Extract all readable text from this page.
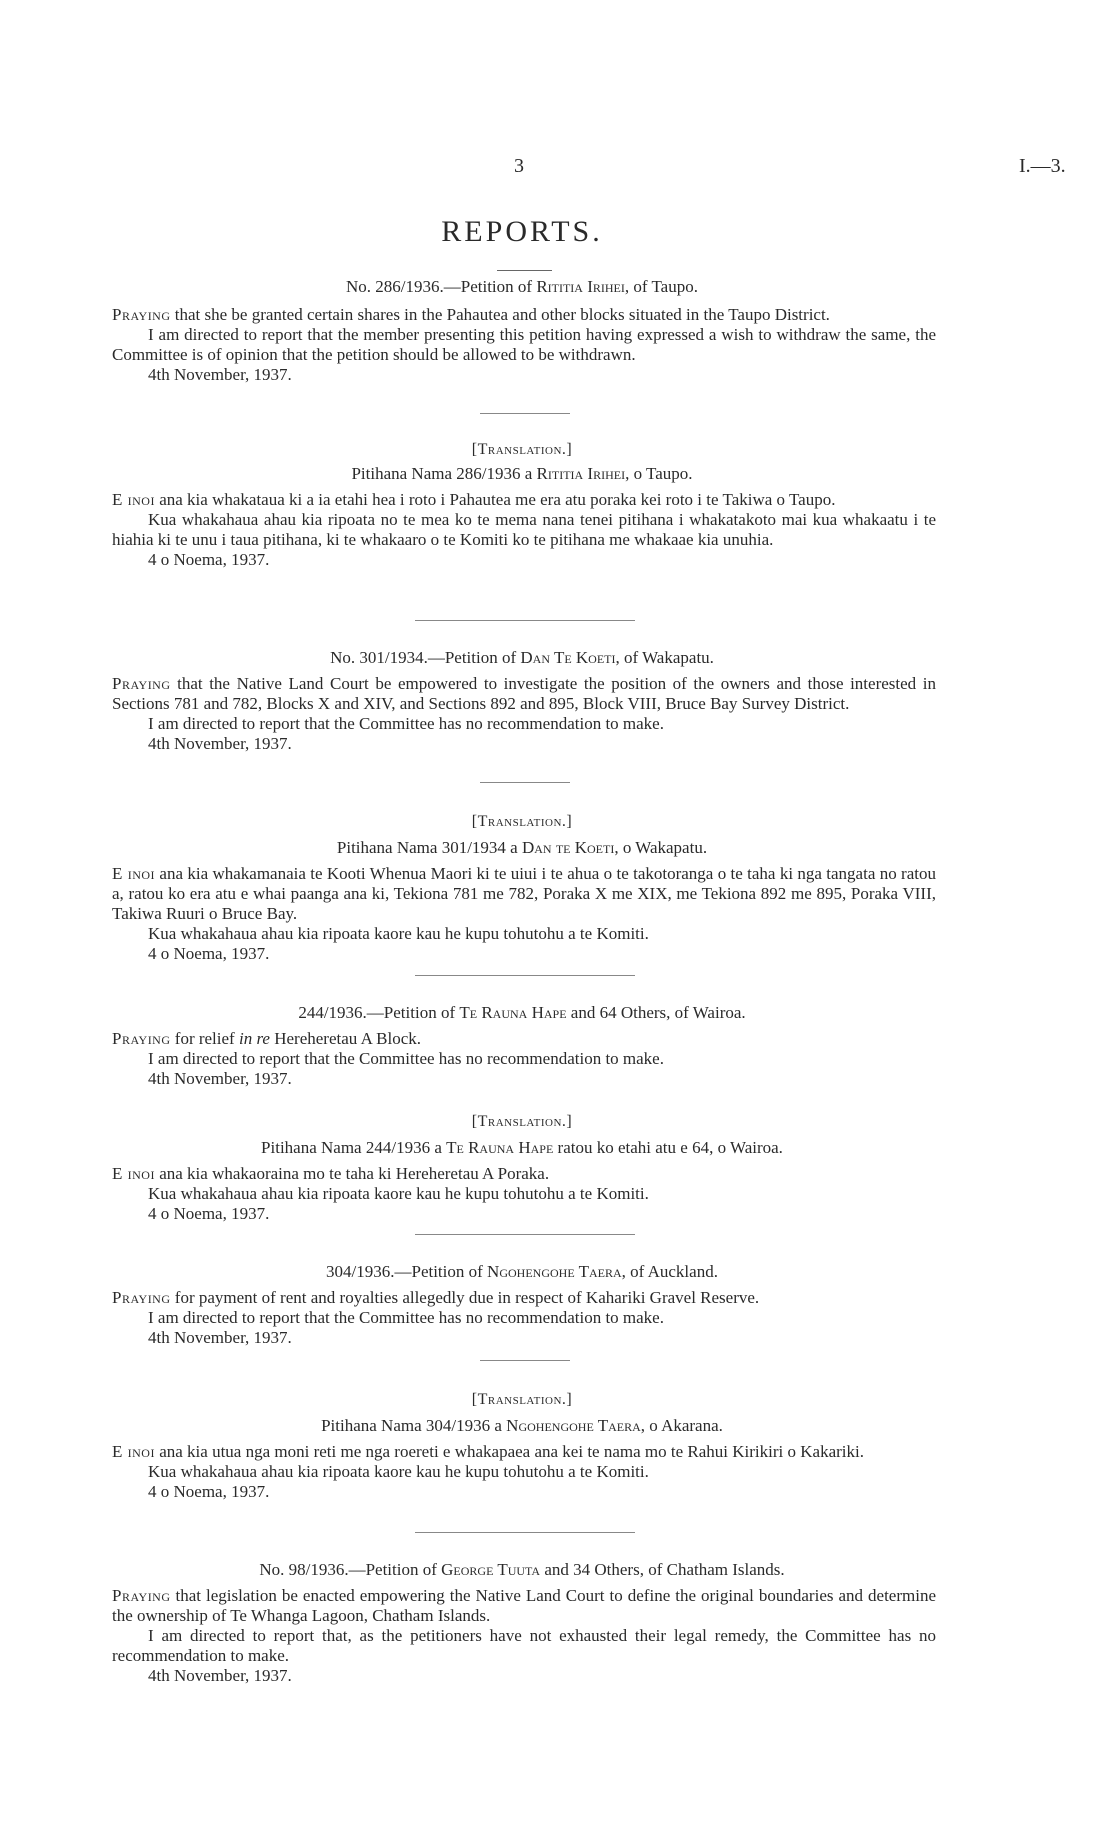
3	I.—3.
REPORTS.
No. 286/1936.—Petition of Rititia Irihei, of Taupo.

Praying that she be granted certain shares in the Pahautea and other blocks situated in the Taupo District.

I am directed to report that the member presenting this petition having expressed a wish to withdraw the same, the Committee is of opinion that the petition should be allowed to be withdrawn.

4th November, 1937.

[Translation.]
Pitihana Nama 286/1936 a Rititia Irihei, o Taupo.

E inoi ana kia whakataua ki a ia etahi hea i roto i Pahautea me era atu poraka kei roto i te Takiwa o Taupo.

Kua whakahaua ahau kia ripoata no te mea ko te mema nana tenei pitihana i whakatakoto mai kua whakaatu i te hiahia ki te unu i taua pitihana, ki te whakaaro o te Komiti ko te pitihana me whakaae kia unuhia.

4 o Noema, 1937.

No. 301/1934.—Petition of Dan Te Koeti, of Wakapatu.

Praying that the Native Land Court be empowered to investigate the position of the owners and those interested in Sections 781 and 782, Blocks X and XIV, and Sections 892 and 895, Block VIII, Bruce Bay Survey District.

I am directed to report that the Committee has no recommendation to make.

4th November, 1937.

[Translation.]
Pitihana Nama 301/1934 a Dan te Koeti, o Wakapatu.

E inoi ana kia whakamanaia te Kooti Whenua Maori ki te uiui i te ahua o te takotoranga o te taha ki nga tangata no ratou a, ratou ko era atu e whai paanga ana ki, Tekiona 781 me 782, Poraka X me XIX, me Tekiona 892 me 895, Poraka VIII, Takiwa Ruuri o Bruce Bay.

Kua whakahaua ahau kia ripoata kaore kau he kupu tohutohu a te Komiti.

4 o Noema, 1937.

244/1936.—Petition of Te Rauna Hape and 64 Others, of Wairoa.

Praying for relief in re Hereheretau A Block.

I am directed to report that the Committee has no recommendation to make.

4th November, 1937.

[Translation.]
Pitihana Nama 244/1936 a Te Rauna Hape ratou ko etahi atu e 64, o Wairoa.

E inoi ana kia whakaoraina mo te taha ki Hereheretau A Poraka.

Kua whakahaua ahau kia ripoata kaore kau he kupu tohutohu a te Komiti.

4 o Noema, 1937.

304/1936.—Petition of Ngohengohe Taera, of Auckland.

Praying for payment of rent and royalties allegedly due in respect of Kahariki Gravel Reserve.

I am directed to report that the Committee has no recommendation to make.

4th November, 1937.

[Translation.]
Pitihana Nama 304/1936 a Ngohengohe Taera, o Akarana.

E inoi ana kia utua nga moni reti me nga roereti e whakapaea ana kei te nama mo te Rahui Kirikiri o Kakariki.

Kua whakahaua ahau kia ripoata kaore kau he kupu tohutohu a te Komiti.

4 o Noema, 1937.

No. 98/1936.—Petition of George Tuuta and 34 Others, of Chatham Islands.

Praying that legislation be enacted empowering the Native Land Court to define the original boundaries and determine the ownership of Te Whanga Lagoon, Chatham Islands.

I am directed to report that, as the petitioners have not exhausted their legal remedy, the Committee has no recommendation to make.

4th November, 1937.
